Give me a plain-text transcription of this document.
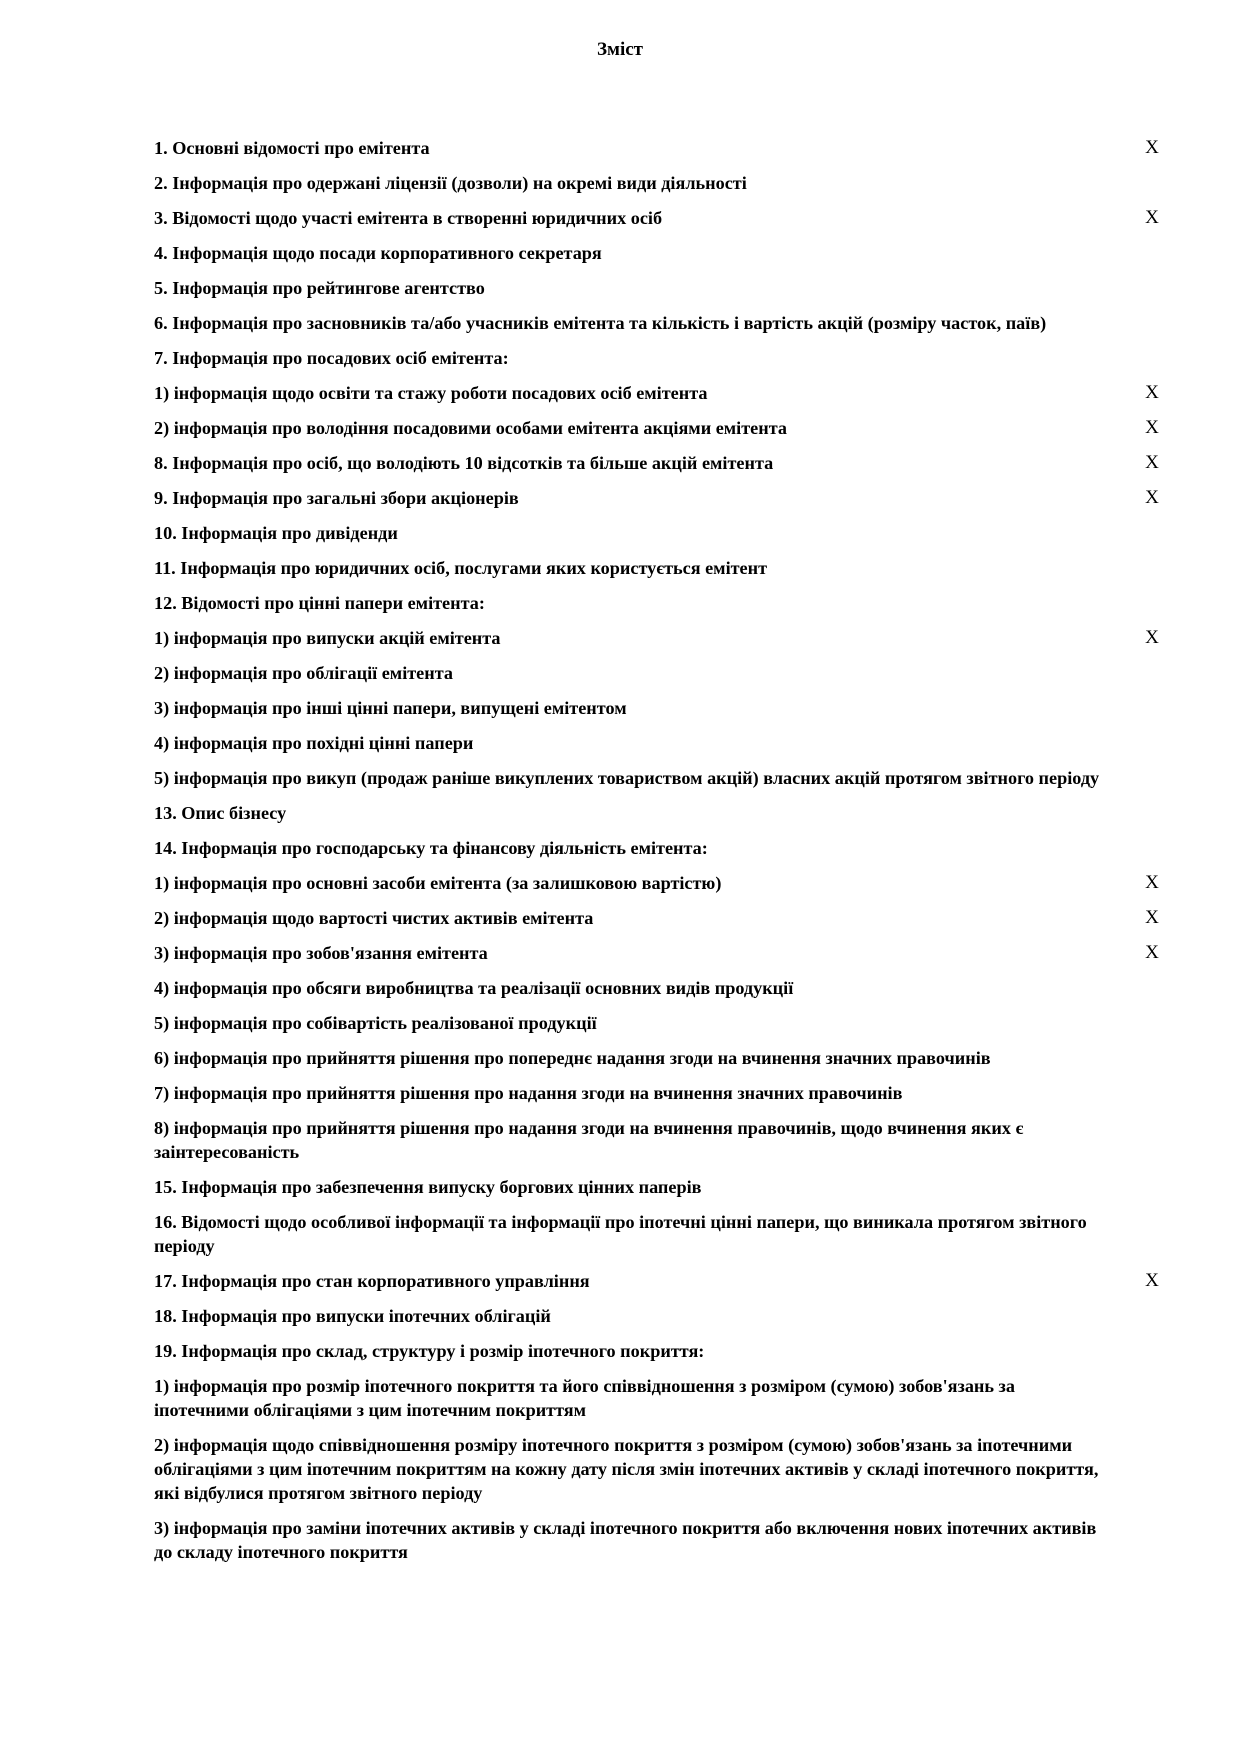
Зміст
1. Основні відомості про емітента	X
2. Інформація про одержані ліцензії (дозволи) на окремі види діяльності
3. Відомості щодо участі емітента в створенні юридичних осіб	X
4. Інформація щодо посади корпоративного секретаря
5. Інформація про рейтингове агентство
6. Інформація про засновників та/або учасників емітента та кількість і вартість акцій (розміру часток, паїв)
7. Інформація про посадових осіб емітента:
1) інформація щодо освіти та стажу роботи посадових осіб емітента	X
2) інформація про володіння посадовими особами емітента акціями емітента	X
8. Інформація про осіб, що володіють 10 відсотків та більше акцій емітента	X
9. Інформація про загальні збори акціонерів	X
10. Інформація про дивіденди
11. Інформація про юридичних осіб, послугами яких користується емітент
12. Відомості про цінні папери емітента:
1) інформація про випуски акцій емітента	X
2) інформація про облігації емітента
3) інформація про інші цінні папери, випущені емітентом
4) інформація про похідні цінні папери
5) інформація про викуп (продаж раніше викуплених товариством акцій) власних акцій протягом звітного періоду
13. Опис бізнесу
14. Інформація про господарську та фінансову діяльність емітента:
1) інформація про основні засоби емітента (за залишковою вартістю)	X
2) інформація щодо вартості чистих активів емітента	X
3) інформація про зобов'язання емітента	X
4) інформація про обсяги виробництва та реалізації основних видів продукції
5) інформація про собівартість реалізованої продукції
6) інформація про прийняття рішення про попереднє надання згоди на вчинення значних правочинів
7) інформація про прийняття рішення про надання згоди на вчинення значних правочинів
8) інформація про прийняття рішення про надання згоди на вчинення правочинів, щодо вчинення яких є заінтересованість
15. Інформація про забезпечення випуску боргових цінних паперів
16. Відомості щодо особливої інформації та інформації про іпотечні цінні папери, що виникала протягом звітного періоду
17. Інформація про стан корпоративного управління	X
18. Інформація про випуски іпотечних облігацій
19. Інформація про склад, структуру і розмір іпотечного покриття:
1) інформація про розмір іпотечного покриття та його співвідношення з розміром (сумою) зобов'язань за іпотечними облігаціями з цим іпотечним покриттям
2) інформація щодо співвідношення розміру іпотечного покриття з розміром (сумою) зобов'язань за іпотечними облігаціями з цим іпотечним покриттям на кожну дату після змін іпотечних активів у складі іпотечного покриття, які відбулися протягом звітного періоду
3) інформація про заміни іпотечних активів у складі іпотечного покриття або включення нових іпотечних активів до складу іпотечного покриття
